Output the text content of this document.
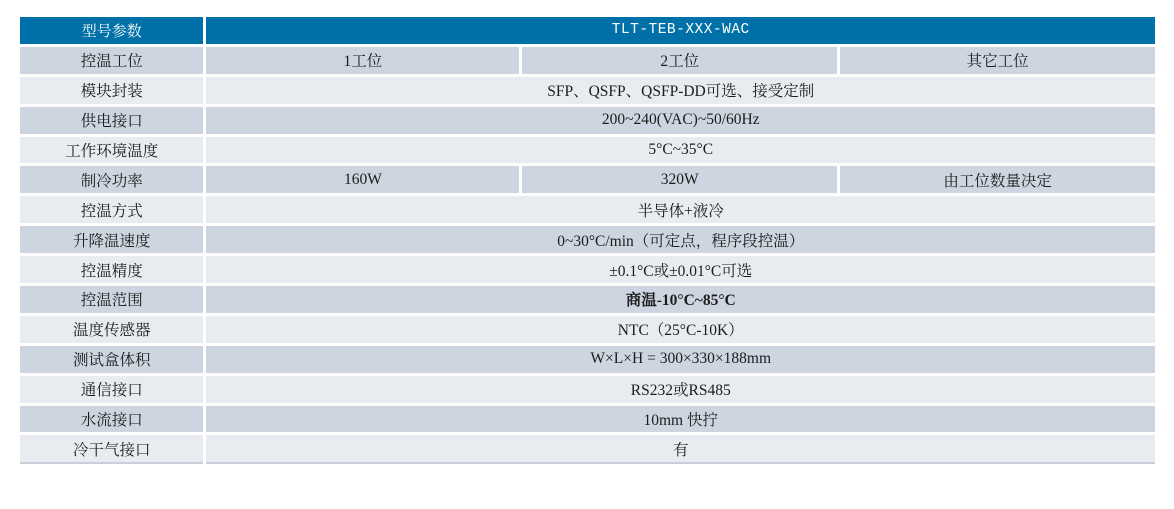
型号参数	TLT-TEB-XXX-WAC		
控温工位	1工位	2工位	其它工位
模块封装	SFP、QSFP、QSFP-DD可选、接受定制		
供电接口	200~240(VAC)~50/60Hz		
工作环境温度	5°C~35°C		
制冷功率	160W	320W	由工位数量决定
控温方式	半导体+液冷		
升降温速度	0~30°C/min（可定点，程序段控温）		
控温精度	±0.1°C或±0.01°C可选		
控温范围	商温-10°C~85°C		
温度传感器	NTC（25°C-10K）		
测试盒体积	W×L×H = 300×330×188mm		
通信接口	RS232或RS485		
水流接口	10mm 快拧		
冷干气接口	有		
